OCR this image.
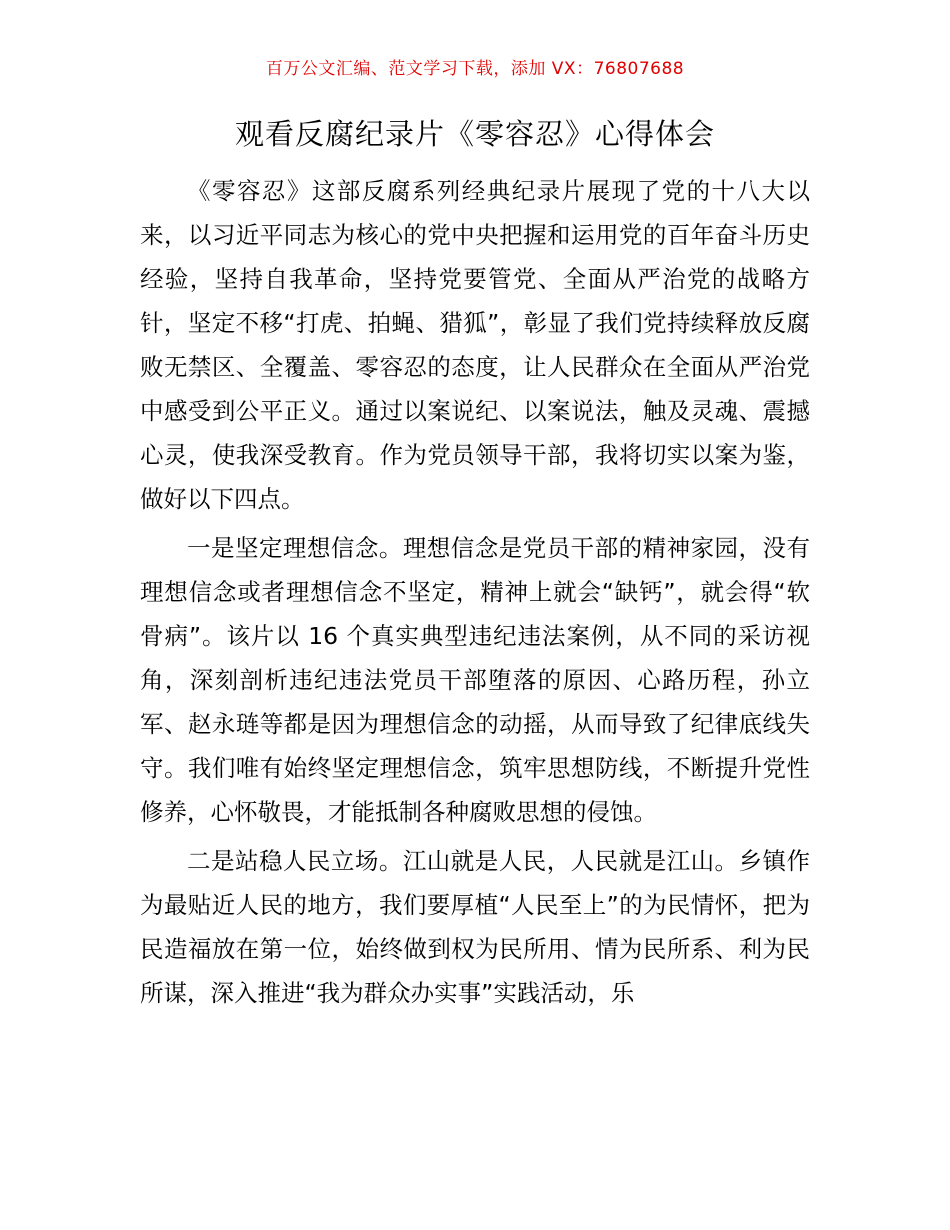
百万公文汇编、范文学习下载，添加 VX：76807688
观看反腐纪录片《零容忍》心得体会

《零容忍》这部反腐系列经典纪录片展现了党的十八大以来，以习近平同志为核心的党中央把握和运用党的百年奋斗历史经验，坚持自我革命，坚持党要管党、全面从严治党的战略方针，坚定不移“打虎、拍蝇、猎狐”，彰显了我们党持续释放反腐败无禁区、全覆盖、零容忍的态度，让人民群众在全面从严治党中感受到公平正义。通过以案说纪、以案说法，触及灵魂、震撼心灵，使我深受教育。作为党员领导干部，我将切实以案为鉴，做好以下四点。

一是坚定理想信念。理想信念是党员干部的精神家园，没有理想信念或者理想信念不坚定，精神上就会“缺钙”，就会得“软骨病”。该片以 16 个真实典型违纪违法案例，从不同的采访视角，深刻剖析违纪违法党员干部堕落的原因、心路历程，孙立军、赵永琏等都是因为理想信念的动摇，从而导致了纪律底线失守。我们唯有始终坚定理想信念，筑牢思想防线，不断提升党性修养，心怀敬畏，才能抵制各种腐败思想的侵蚀。

二是站稳人民立场。江山就是人民，人民就是江山。乡镇作为最贴近人民的地方，我们要厚植“人民至上”的为民情怀，把为民造福放在第一位，始终做到权为民所用、情为民所系、利为民所谋，深入推进“我为群众办实事”实践活动，乐
